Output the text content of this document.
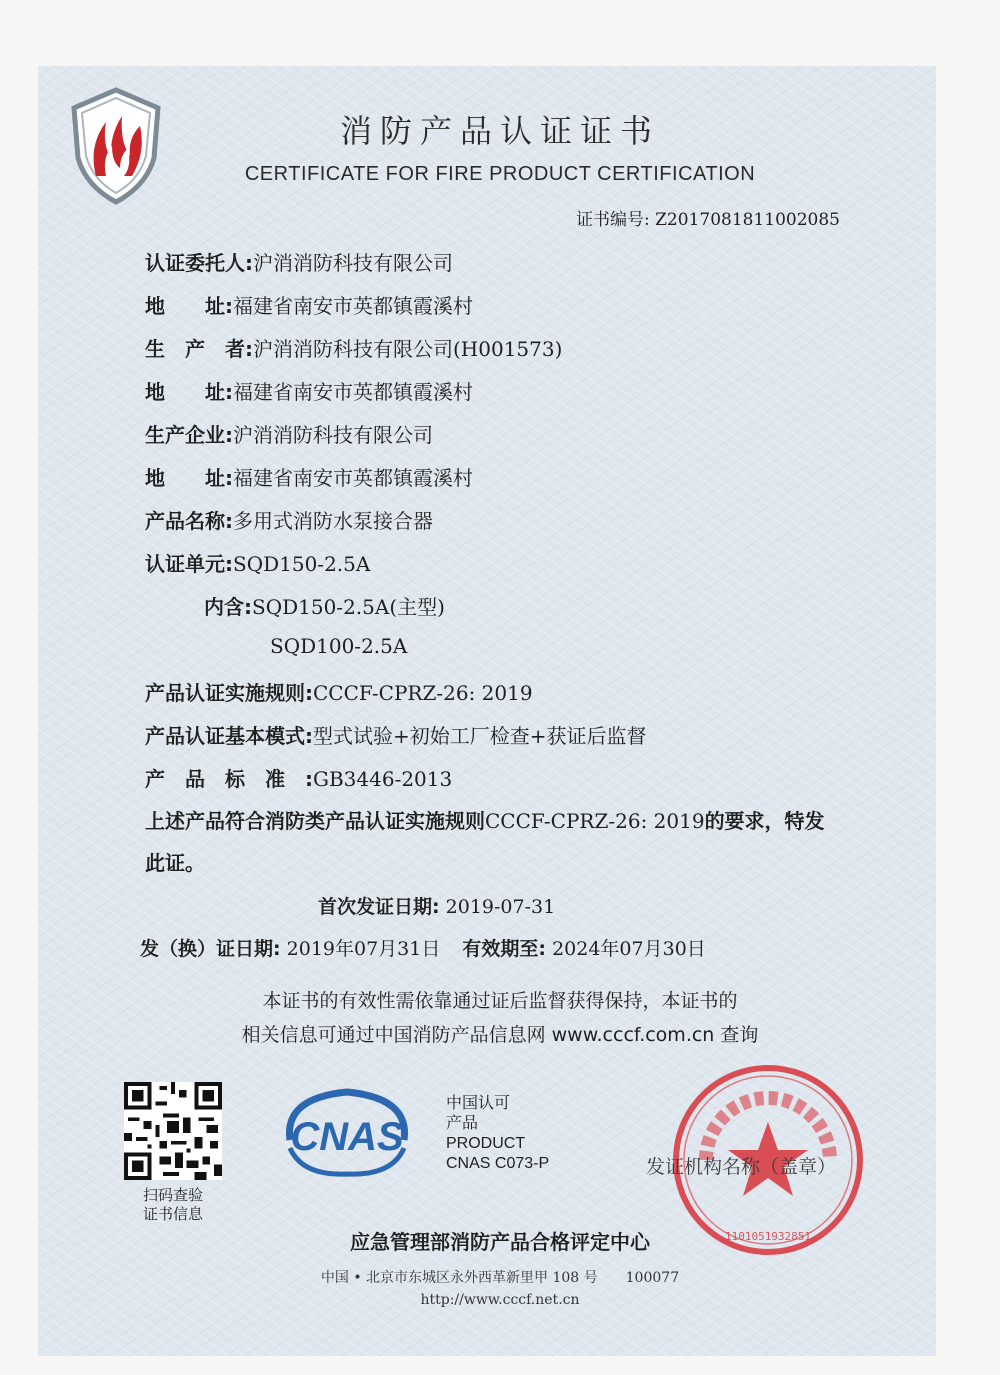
消防产品认证证书
CERTIFICATE FOR FIRE PRODUCT CERTIFICATION
证书编号: Z2017081811002085
认证委托人:沪消消防科技有限公司
地　　址:福建省南安市英都镇霞溪村
生　产　者:沪消消防科技有限公司(H001573)
地　　址:福建省南安市英都镇霞溪村
生产企业:沪消消防科技有限公司
地　　址:福建省南安市英都镇霞溪村
产品名称:多用式消防水泵接合器
认证单元:SQD150-2.5A
内含:SQD150-2.5A(主型)
SQD100-2.5A
产品认证实施规则:CCCF-CPRZ-26: 2019
产品认证基本模式:型式试验+初始工厂检查+获证后监督
产　品　标　准　:GB3446-2013
上述产品符合消防类产品认证实施规则CCCF-CPRZ-26: 2019的要求，特发此证。
首次发证日期: 2019-07-31
发（换）证日期: 2019年07月31日 有效期至: 2024年07月30日
本证书的有效性需依靠通过证后监督获得保持，本证书的
相关信息可通过中国消防产品信息网 www.cccf.com.cn 查询
扫码查验
证书信息
CNAS
中国认可
产品
PRODUCT
CNAS C073-P
1101051932851
发证机构名称（盖章）
应急管理部消防产品合格评定中心
中国 • 北京市东城区永外西革新里甲 108 号　　100077
http://www.cccf.net.cn
